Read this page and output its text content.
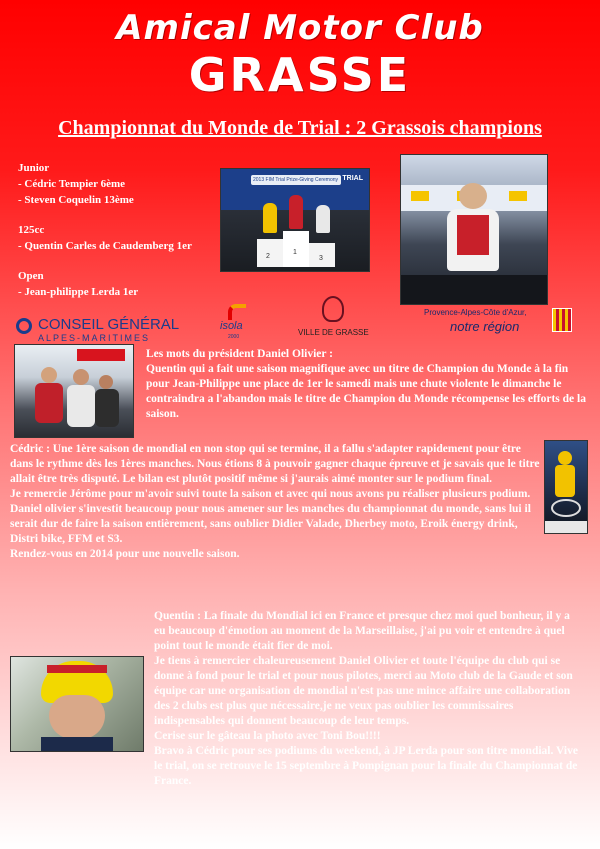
Amical Motor Club
GRASSE
Championnat du Monde de Trial : 2 Grassois champions
Junior
- Cédric Tempier 6ème
- Steven Coquelin 13ème
125cc
- Quentin Carles de Caudemberg 1er
Open
- Jean-philippe Lerda 1er
2013 FIM Trial Prize-Giving Ceremony TRIAL
2
1
3
CONSEIL GÉNÉRAL
ALPES-MARITIMES
isola
2000	VILLE DE GRASSE
Provence-Alpes-Côte d'Azur,
notre région

Les mots du président Daniel Olivier :

Quentin qui a fait une saison magnifique avec un titre de Champion du Monde à la fin pour Jean-Philippe une place de 1er le samedi mais une chute violente le dimanche le contraindra a l'abandon mais le titre de Champion du Monde récompense les efforts de la saison.

Cédric : Une 1ère saison de mondial en non stop qui se termine, il a fallu s'adapter rapidement pour être dans le rythme dès les 1ères manches. Nous étions 8 à pouvoir gagner chaque épreuve et je savais que le titre allait être très disputé. Le bilan est plutôt positif même si j'aurais aimé monter sur le podium final.

Je remercie Jérôme pour m'avoir suivi toute la saison et avec qui nous avons pu réaliser plusieurs podium.

Daniel olivier s'investit beaucoup pour nous amener sur les manches du championnat du monde, sans lui il serait dur de faire la saison entièrement, sans oublier Didier Valade, Dherbey moto, Eroik énergy drink, Distri bike, FFM et S3.

Rendez-vous en 2014 pour une nouvelle saison.

Quentin : La finale du Mondial ici en France et presque chez moi quel bonheur, il y a eu beaucoup d'émotion au moment de la Marseillaise, j'ai pu voir et entendre à quel point tout le monde était fier de moi.

Je tiens à remercier chaleureusement Daniel Olivier et toute l'équipe du club qui se donne à fond pour le trial et pour nous pilotes, merci au Moto club de la Gaude et son équipe car une organisation de mondial n'est pas une mince affaire une collaboration des 2 clubs est plus que nécessaire,je ne veux pas oublier les commissaires indispensables qui donnent beaucoup de leur temps.

Cerise sur le gâteau la photo avec Toni Bou!!!!

Bravo à Cédric pour ses podiums du weekend, à JP Lerda pour son titre mondial. Vive le trial, on se retrouve le 15 septembre à Pompignan pour la finale du Championnat de France.
